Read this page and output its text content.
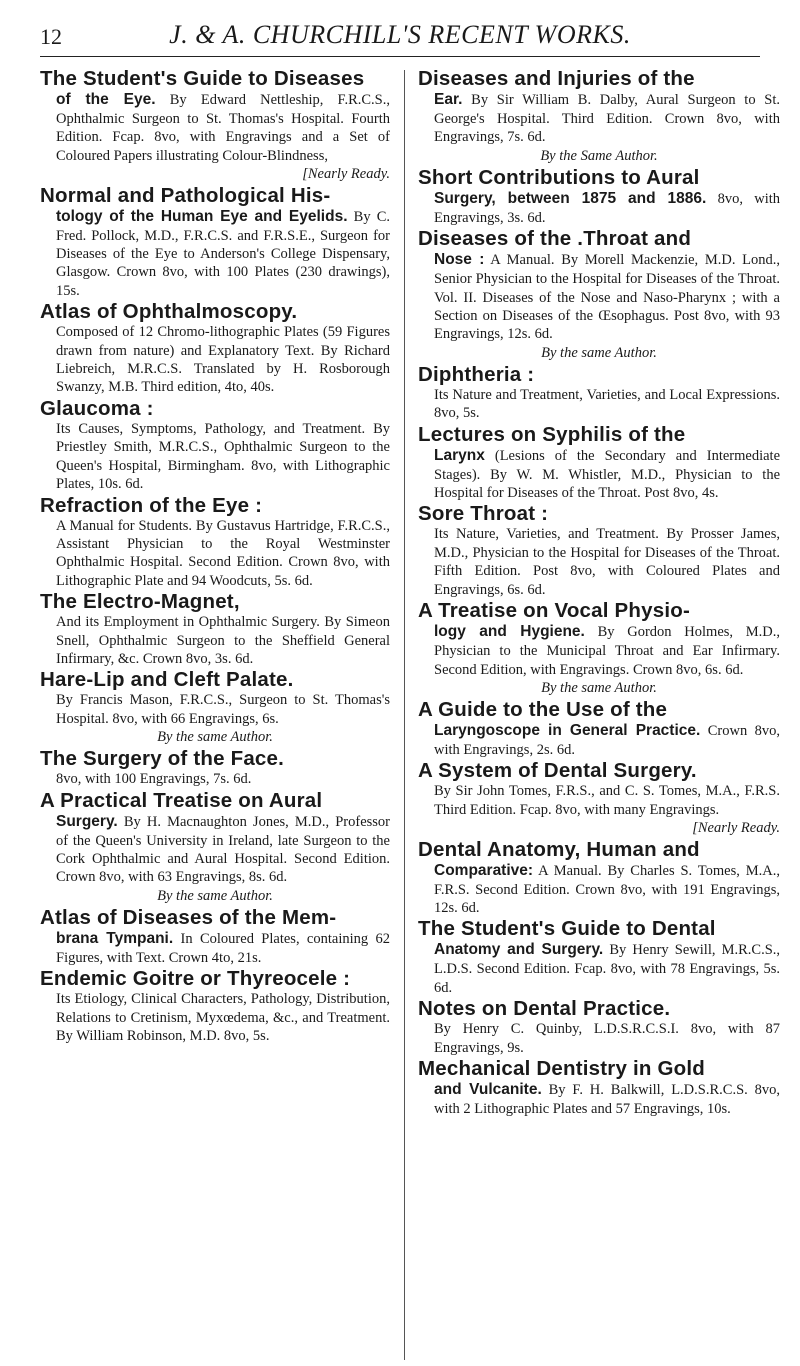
12	J. & A. CHURCHILL'S RECENT WORKS.
The Student's Guide to Diseases
of the Eye. By Edward Nettleship, F.R.C.S., Ophthalmic Surgeon to St. Thomas's Hospital. Fourth Edition. Fcap. 8vo, with Engravings and a Set of Coloured Papers illustrating Colour-Blindness,
[Nearly Ready.
Normal and Pathological His-
tology of the Human Eye and Eyelids. By C. Fred. Pollock, M.D., F.R.C.S. and F.R.S.E., Surgeon for Diseases of the Eye to Anderson's College Dispensary, Glasgow. Crown 8vo, with 100 Plates (230 drawings), 15s.
Atlas of Ophthalmoscopy.
Composed of 12 Chromo-lithographic Plates (59 Figures drawn from nature) and Explanatory Text. By Richard Liebreich, M.R.C.S. Translated by H. Rosborough Swanzy, M.B. Third edition, 4to, 40s.
Glaucoma :
Its Causes, Symptoms, Pathology, and Treatment. By Priestley Smith, M.R.C.S., Ophthalmic Surgeon to the Queen's Hospital, Birmingham. 8vo, with Lithographic Plates, 10s. 6d.
Refraction of the Eye :
A Manual for Students. By Gustavus Hartridge, F.R.C.S., Assistant Physician to the Royal Westminster Ophthalmic Hospital. Second Edition. Crown 8vo, with Lithographic Plate and 94 Woodcuts, 5s. 6d.
The Electro-Magnet,
And its Employment in Ophthalmic Surgery. By Simeon Snell, Ophthalmic Surgeon to the Sheffield General Infirmary, &c. Crown 8vo, 3s. 6d.
Hare-Lip and Cleft Palate.
By Francis Mason, F.R.C.S., Surgeon to St. Thomas's Hospital. 8vo, with 66 Engravings, 6s.
By the same Author.
The Surgery of the Face.
8vo, with 100 Engravings, 7s. 6d.
A Practical Treatise on Aural
Surgery. By H. Macnaughton Jones, M.D., Professor of the Queen's University in Ireland, late Surgeon to the Cork Ophthalmic and Aural Hospital. Second Edition. Crown 8vo, with 63 Engravings, 8s. 6d.
By the same Author.
Atlas of Diseases of the Mem-
brana Tympani. In Coloured Plates, containing 62 Figures, with Text. Crown 4to, 21s.
Endemic Goitre or Thyreocele :
Its Etiology, Clinical Characters, Pathology, Distribution, Relations to Cretinism, Myxœdema, &c., and Treatment. By William Robinson, M.D. 8vo, 5s.
Diseases and Injuries of the
Ear. By Sir William B. Dalby, Aural Surgeon to St. George's Hospital. Third Edition. Crown 8vo, with Engravings, 7s. 6d.
By the Same Author.
Short Contributions to Aural
Surgery, between 1875 and 1886. 8vo, with Engravings, 3s. 6d.
Diseases of the .Throat and
Nose : A Manual. By Morell Mackenzie, M.D. Lond., Senior Physician to the Hospital for Diseases of the Throat. Vol. II. Diseases of the Nose and Naso-Pharynx ; with a Section on Diseases of the Œsophagus. Post 8vo, with 93 Engravings, 12s. 6d.
By the same Author.
Diphtheria :
Its Nature and Treatment, Varieties, and Local Expressions. 8vo, 5s.
Lectures on Syphilis of the
Larynx (Lesions of the Secondary and Intermediate Stages). By W. M. Whistler, M.D., Physician to the Hospital for Diseases of the Throat. Post 8vo, 4s.
Sore Throat :
Its Nature, Varieties, and Treatment. By Prosser James, M.D., Physician to the Hospital for Diseases of the Throat. Fifth Edition. Post 8vo, with Coloured Plates and Engravings, 6s. 6d.
A Treatise on Vocal Physio-
logy and Hygiene. By Gordon Holmes, M.D., Physician to the Municipal Throat and Ear Infirmary. Second Edition, with Engravings. Crown 8vo, 6s. 6d.
By the same Author.
A Guide to the Use of the
Laryngoscope in General Practice. Crown 8vo, with Engravings, 2s. 6d.
A System of Dental Surgery.
By Sir John Tomes, F.R.S., and C. S. Tomes, M.A., F.R.S. Third Edition. Fcap. 8vo, with many Engravings.
[Nearly Ready.
Dental Anatomy, Human and
Comparative: A Manual. By Charles S. Tomes, M.A., F.R.S. Second Edition. Crown 8vo, with 191 Engravings, 12s. 6d.
The Student's Guide to Dental
Anatomy and Surgery. By Henry Sewill, M.R.C.S., L.D.S. Second Edition. Fcap. 8vo, with 78 Engravings, 5s. 6d.
Notes on Dental Practice.
By Henry C. Quinby, L.D.S.R.C.S.I. 8vo, with 87 Engravings, 9s.
Mechanical Dentistry in Gold
and Vulcanite. By F. H. Balkwill, L.D.S.R.C.S. 8vo, with 2 Lithographic Plates and 57 Engravings, 10s.
